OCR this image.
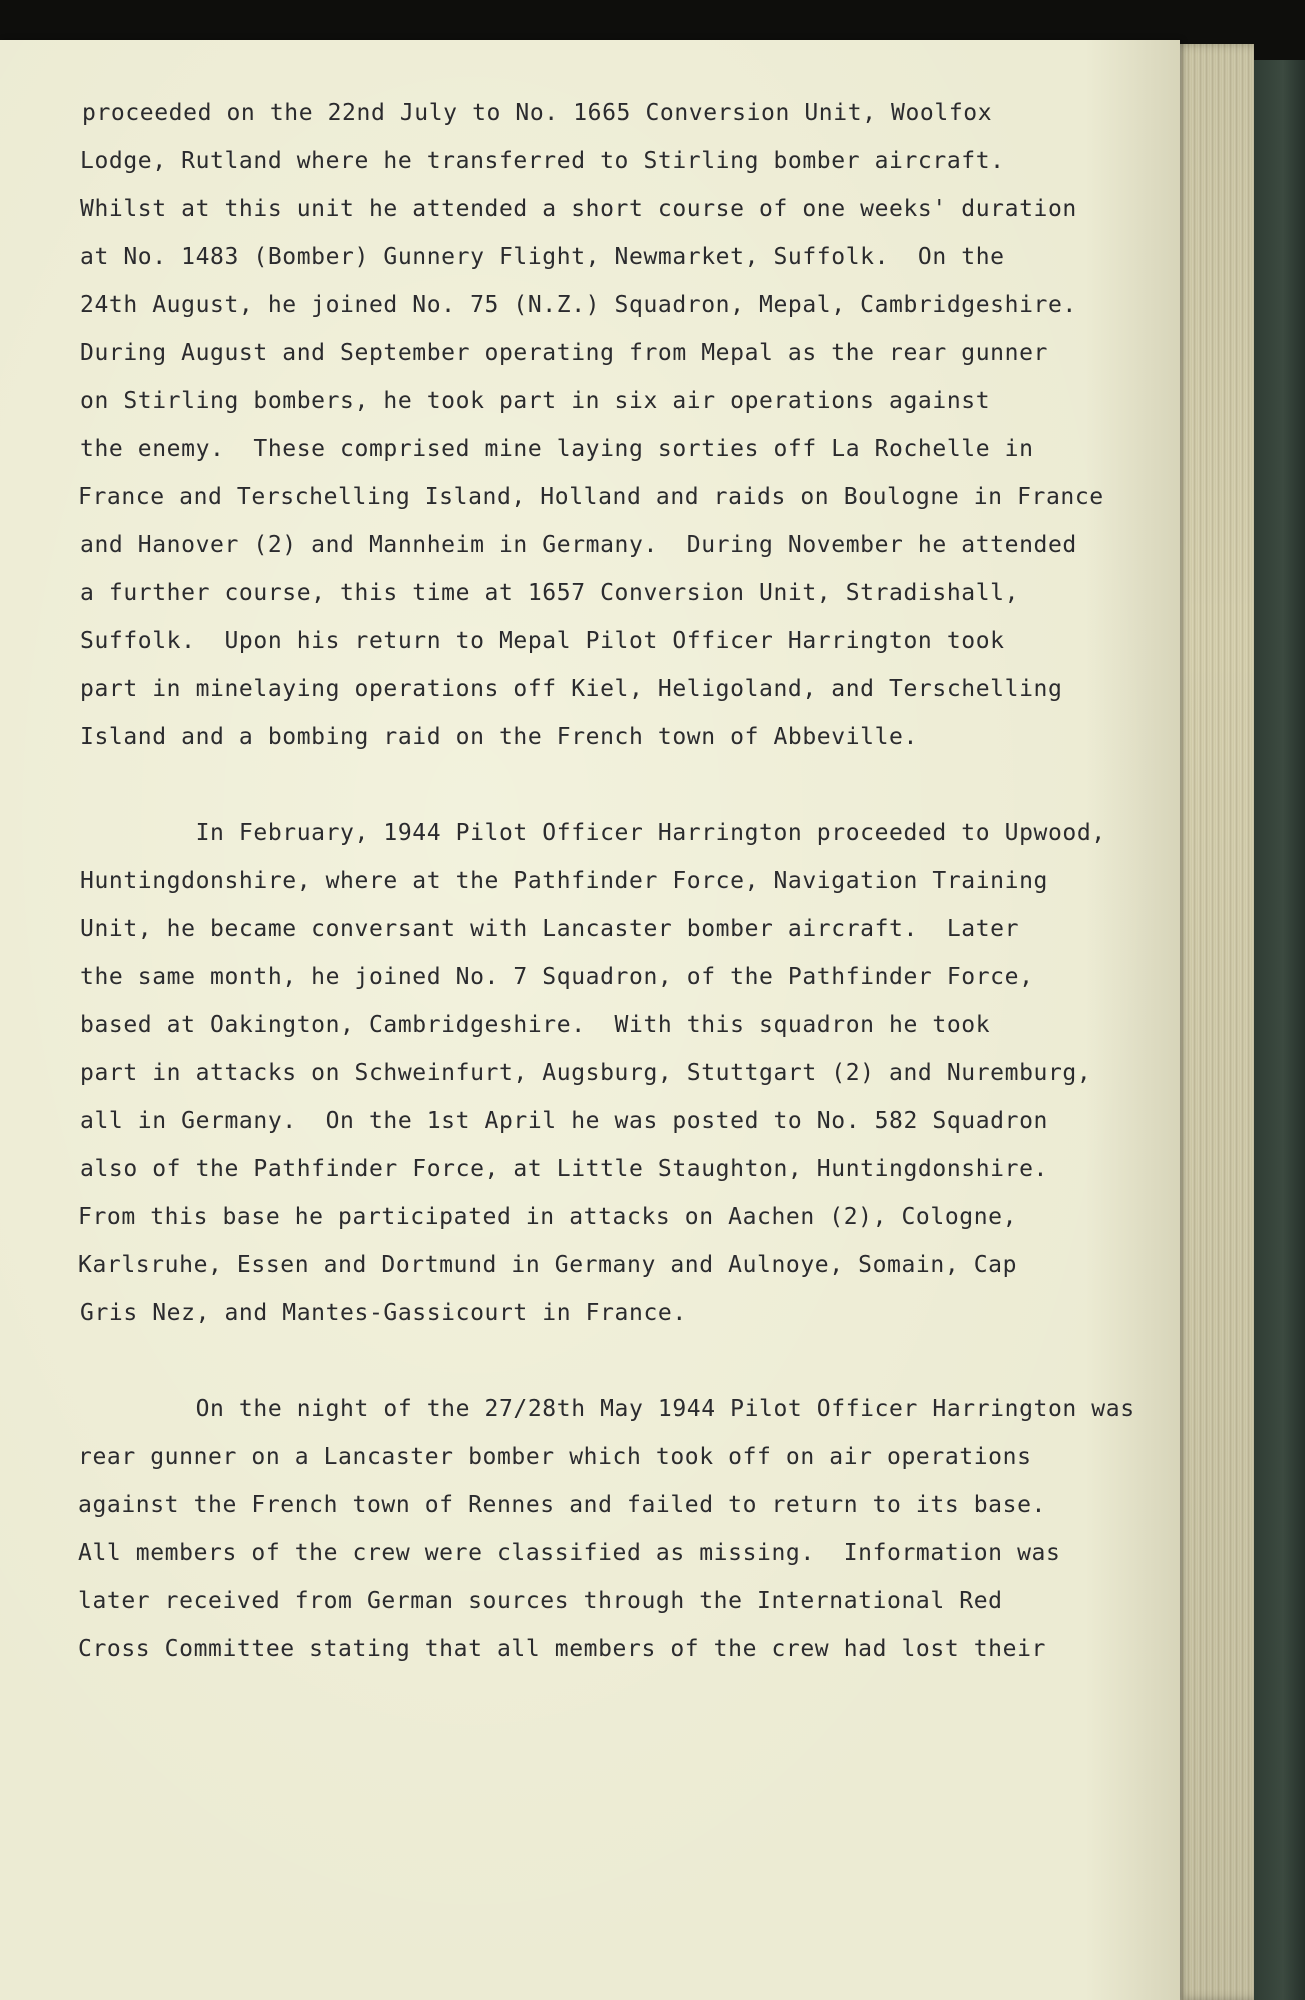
proceeded on the 22nd July to No. 1665 Conversion Unit, Woolfox

Lodge, Rutland where he transferred to Stirling bomber aircraft.

Whilst at this unit he attended a short course of one weeks' duration

at No. 1483 (Bomber) Gunnery Flight, Newmarket, Suffolk.  On the

24th August, he joined No. 75 (N.Z.) Squadron, Mepal, Cambridgeshire.

During August and September operating from Mepal as the rear gunner

on Stirling bombers, he took part in six air operations against

the enemy.  These comprised mine laying sorties off La Rochelle in

France and Terschelling Island, Holland and raids on Boulogne in France

and Hanover (2) and Mannheim in Germany.  During November he attended

a further course, this time at 1657 Conversion Unit, Stradishall,

Suffolk.  Upon his return to Mepal Pilot Officer Harrington took

part in minelaying operations off Kiel, Heligoland, and Terschelling

Island and a bombing raid on the French town of Abbeville.

In February, 1944 Pilot Officer Harrington proceeded to Upwood,

Huntingdonshire, where at the Pathfinder Force, Navigation Training

Unit, he became conversant with Lancaster bomber aircraft.  Later

the same month, he joined No. 7 Squadron, of the Pathfinder Force,

based at Oakington, Cambridgeshire.  With this squadron he took

part in attacks on Schweinfurt, Augsburg, Stuttgart (2) and Nuremburg,

all in Germany.  On the 1st April he was posted to No. 582 Squadron

also of the Pathfinder Force, at Little Staughton, Huntingdonshire.

From this base he participated in attacks on Aachen (2), Cologne,

Karlsruhe, Essen and Dortmund in Germany and Aulnoye, Somain, Cap

Gris Nez, and Mantes-Gassicourt in France.

On the night of the 27/28th May 1944 Pilot Officer Harrington was

rear gunner on a Lancaster bomber which took off on air operations

against the French town of Rennes and failed to return to its base.

All members of the crew were classified as missing.  Information was

later received from German sources through the International Red

Cross Committee stating that all members of the crew had lost their
